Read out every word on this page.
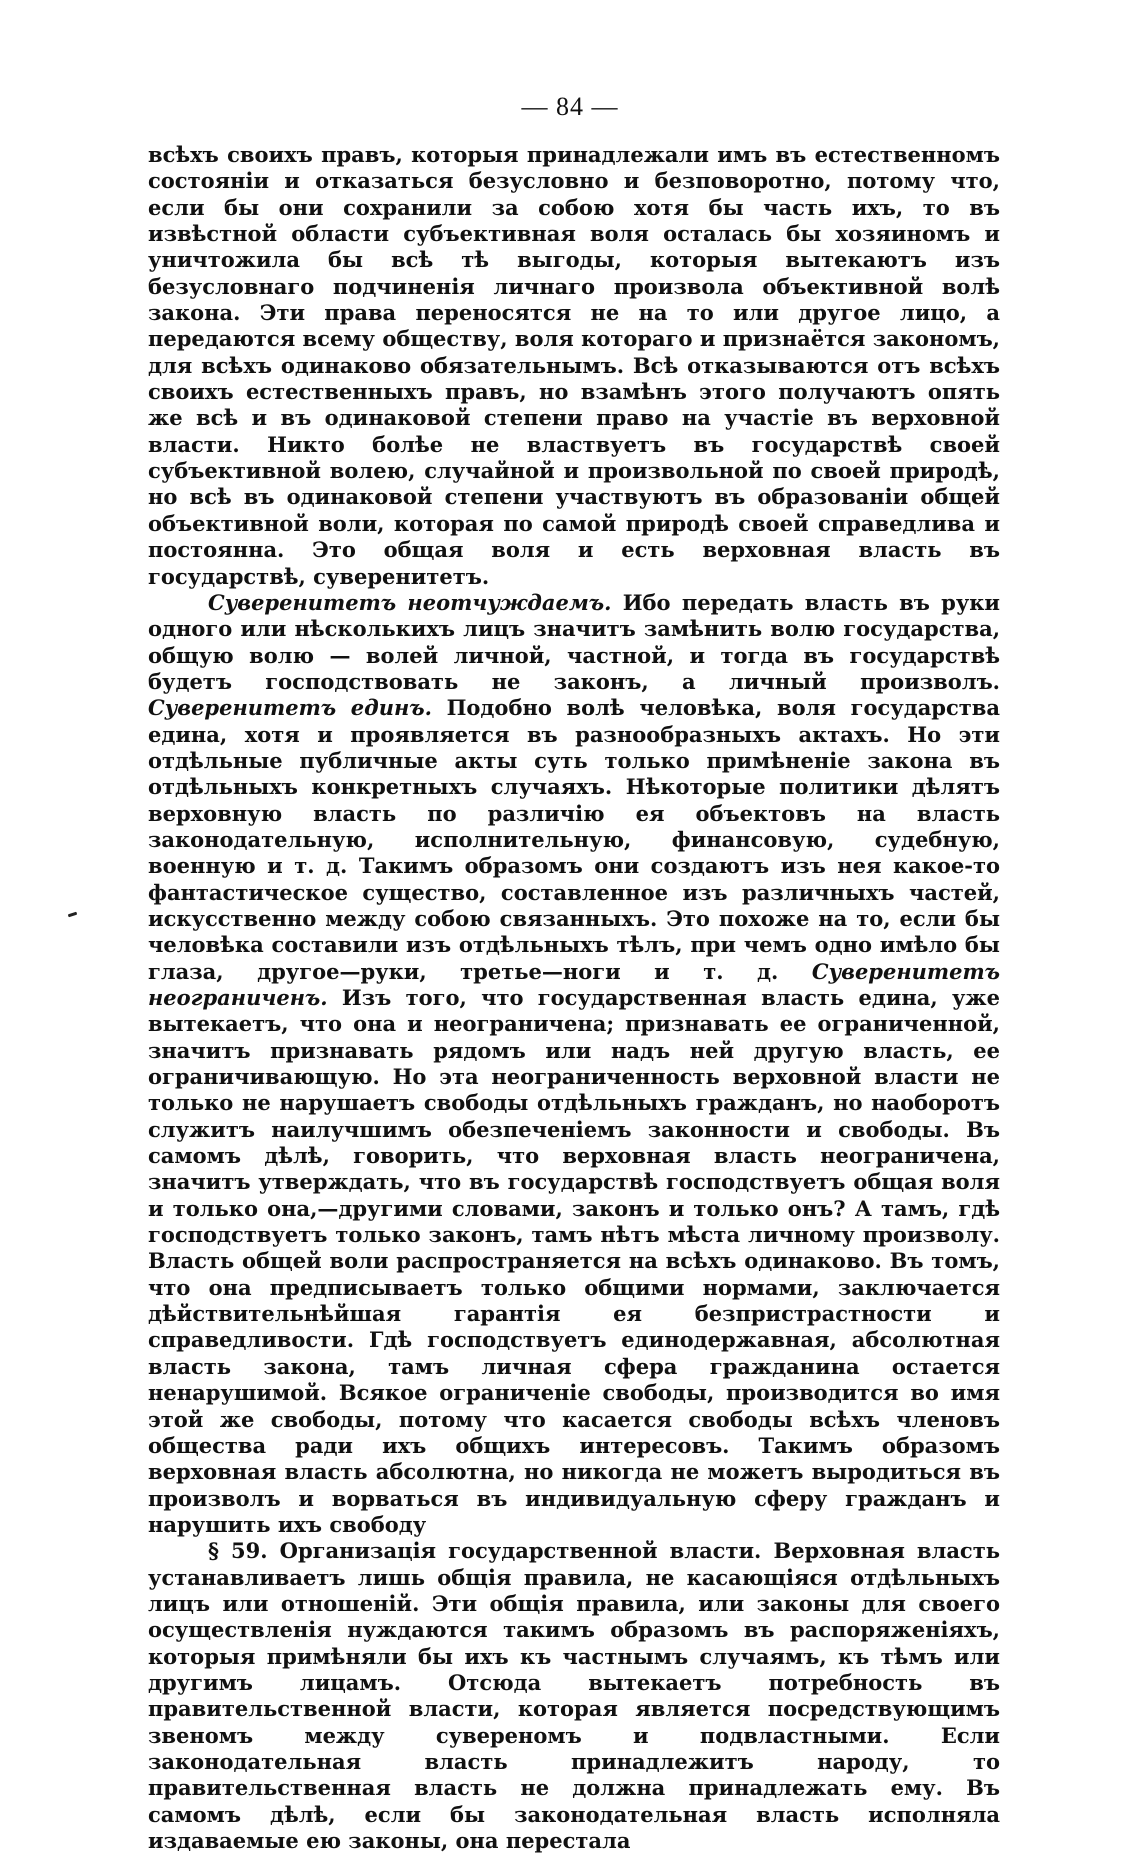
— 84 —

всѣхъ своихъ правъ, которыя принадлежали имъ въ естественномъ состояніи и отказаться безусловно и безповоротно, потому что, если бы они сохранили за собою хотя бы часть ихъ, то въ извѣстной области субъективная воля осталась бы хозяиномъ и уничтожила бы всѣ тѣ выгоды, которыя вытекаютъ изъ безусловнаго подчиненія личнаго произвола объективной волѣ закона. Эти права переносятся не на то или другое лицо, а передаются всему обществу, воля котораго и признаётся закономъ, для всѣхъ одинаково обязательнымъ. Всѣ отказываются отъ всѣхъ своихъ естественныхъ правъ, но взамѣнъ этого получаютъ опять же всѣ и въ одинаковой степени право на участіе въ верховной власти. Никто болѣе не властвуетъ въ государствѣ своей субъективной волею, случайной и произвольной по своей природѣ, но всѣ въ одинаковой степени участвуютъ въ образованіи общей объективной воли, которая по самой природѣ своей справедлива и постоянна. Это общая воля и есть верховная власть въ государствѣ, суверенитетъ.

Суверенитетъ неотчуждаемъ. Ибо передать власть въ руки одного или нѣсколькихъ лицъ значитъ замѣнить волю государства, общую волю — волей личной, частной, и тогда въ государствѣ будетъ господствовать не законъ, а личный произволъ. Суверенитетъ единъ. Подобно волѣ человѣка, воля государства едина, хотя и проявляется въ разнообразныхъ актахъ. Но эти отдѣльные публичные акты суть только примѣненіе закона въ отдѣльныхъ конкретныхъ случаяхъ. Нѣкоторые политики дѣлятъ верховную власть по различію ея объектовъ на власть законодательную, исполнительную, финансовую, судебную, военную и т. д. Такимъ образомъ они создаютъ изъ нея какое-то фантастическое существо, составленное изъ различныхъ частей, искусственно между собою связанныхъ. Это похоже на то, если бы человѣка составили изъ отдѣльныхъ тѣлъ, при чемъ одно имѣло бы глаза, другое—руки, третье—ноги и т. д. Суверенитетъ неограниченъ. Изъ того, что государственная власть едина, уже вытекаетъ, что она и неограничена; признавать ее ограниченной, значитъ признавать рядомъ или надъ ней другую власть, ее ограничивающую. Но эта неограниченность верховной власти не только не нарушаетъ свободы отдѣльныхъ гражданъ, но наоборотъ служитъ наилучшимъ обезпеченіемъ законности и свободы. Въ самомъ дѣлѣ, говорить, что верховная власть неограничена, значитъ утверждать, что въ государствѣ господствуетъ общая воля и только она,—другими словами, законъ и только онъ? А тамъ, гдѣ господствуетъ только законъ, тамъ нѣтъ мѣста личному произволу. Власть общей воли распространяется на всѣхъ одинаково. Въ томъ, что она предписываетъ только общими нормами, заключается дѣйствительнѣйшая гарантія ея безпристрастности и справедливости. Гдѣ господствуетъ единодержавная, абсолютная власть закона, тамъ личная сфера гражданина остается ненарушимой. Всякое ограниченіе свободы, производится во имя этой же свободы, потому что касается свободы всѣхъ членовъ общества ради ихъ общихъ интересовъ. Такимъ образомъ верховная власть абсолютна, но никогда не можетъ выродиться въ произволъ и ворваться въ индивидуальную сферу гражданъ и нарушить ихъ свободу

§ 59. Организація государственной власти. Верховная власть устанавливаетъ лишь общія правила, не касающіяся отдѣльныхъ лицъ или отношеній. Эти общія правила, или законы для своего осуществленія нуждаются такимъ образомъ въ распоряженіяхъ, которыя примѣняли бы ихъ къ частнымъ случаямъ, къ тѣмъ или другимъ лицамъ. Отсюда вытекаетъ потребность въ правительственной власти, которая является посредствующимъ звеномъ между сувереномъ и подвластными. Если законодательная власть принадлежитъ народу, то правительственная власть не должна принадлежать ему. Въ самомъ дѣлѣ, если бы законодательная власть исполняла издаваемые ею законы, она перестала
